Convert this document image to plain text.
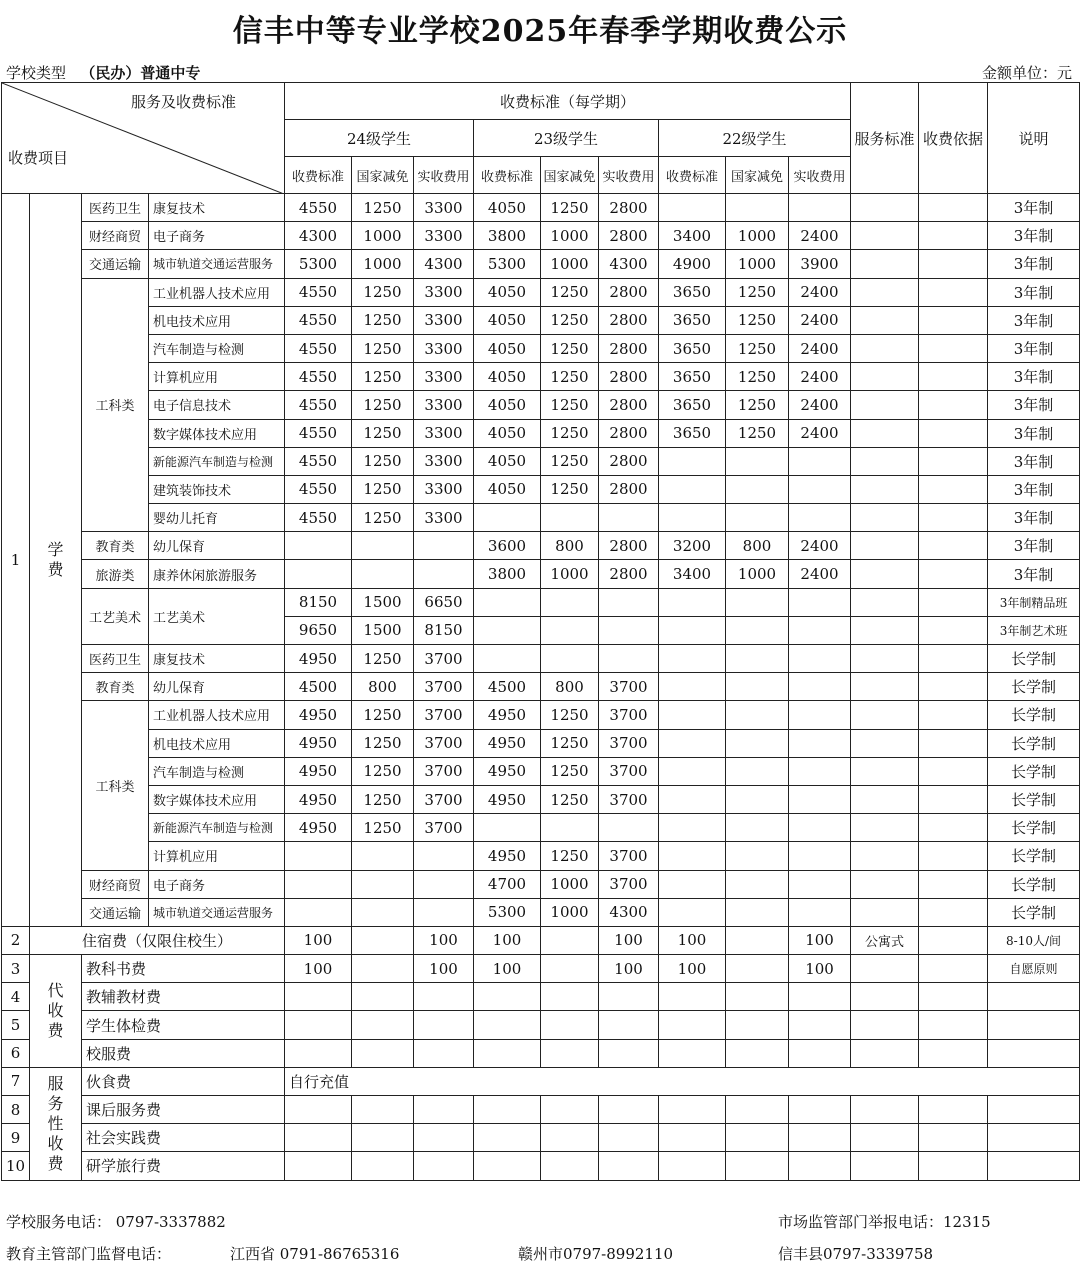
信丰中等专业学校2025年春季学期收费公示
学校类型 （民办）普通中专	金额单位：元
服务及收费标准
收费项目				收费标准（每学期）									服务标准	收费依据	说明
				24级学生			23级学生			22级学生					
				收费标准	国家减免	实收费用	收费标准	国家减免	实收费用	收费标准	国家减免	实收费用			
1	学费	医药卫生	康复技术	4550	1250	3300	4050	1250	2800						3年制
		财经商贸	电子商务	4300	1000	3300	3800	1000	2800	3400	1000	2400			3年制
		交通运输	城市轨道交通运营服务	5300	1000	4300	5300	1000	4300	4900	1000	3900			3年制
		工科类	工业机器人技术应用	4550	1250	3300	4050	1250	2800	3650	1250	2400			3年制
			机电技术应用	4550	1250	3300	4050	1250	2800	3650	1250	2400			3年制
			汽车制造与检测	4550	1250	3300	4050	1250	2800	3650	1250	2400			3年制
			计算机应用	4550	1250	3300	4050	1250	2800	3650	1250	2400			3年制
			电子信息技术	4550	1250	3300	4050	1250	2800	3650	1250	2400			3年制
			数字媒体技术应用	4550	1250	3300	4050	1250	2800	3650	1250	2400			3年制
			新能源汽车制造与检测	4550	1250	3300	4050	1250	2800						3年制
			建筑装饰技术	4550	1250	3300	4050	1250	2800						3年制
			婴幼儿托育	4550	1250	3300									3年制
		教育类	幼儿保育				3600	800	2800	3200	800	2400			3年制
		旅游类	康养休闲旅游服务				3800	1000	2800	3400	1000	2400			3年制
		工艺美术	工艺美术	8150	1500	6650									3年制精品班
				9650	1500	8150									3年制艺术班
		医药卫生	康复技术	4950	1250	3700									长学制
		教育类	幼儿保育	4500	800	3700	4500	800	3700						长学制
		工科类	工业机器人技术应用	4950	1250	3700	4950	1250	3700						长学制
			机电技术应用	4950	1250	3700	4950	1250	3700						长学制
			汽车制造与检测	4950	1250	3700	4950	1250	3700						长学制
			数字媒体技术应用	4950	1250	3700	4950	1250	3700						长学制
			新能源汽车制造与检测	4950	1250	3700									长学制
			计算机应用				4950	1250	3700						长学制
		财经商贸	电子商务				4700	1000	3700						长学制
		交通运输	城市轨道交通运营服务				5300	1000	4300						长学制
2	住宿费（仅限住校生）			100		100	100		100	100		100	公寓式		8-10人/间
3	代收费	教科书费		100		100	100		100	100		100			自愿原则
4		教辅教材费													
5		学生体检费													
6		校服费													
7	服务性收费	伙食费		自行充值											
8		课后服务费													
9		社会实践费													
10		研学旅行费													
学校服务电话： 0797-3337882	市场监管部门举报电话：12315
教育主管部门监督电话：	江西省 0791-86765316	赣州市0797-8992110	信丰县0797-3339758
